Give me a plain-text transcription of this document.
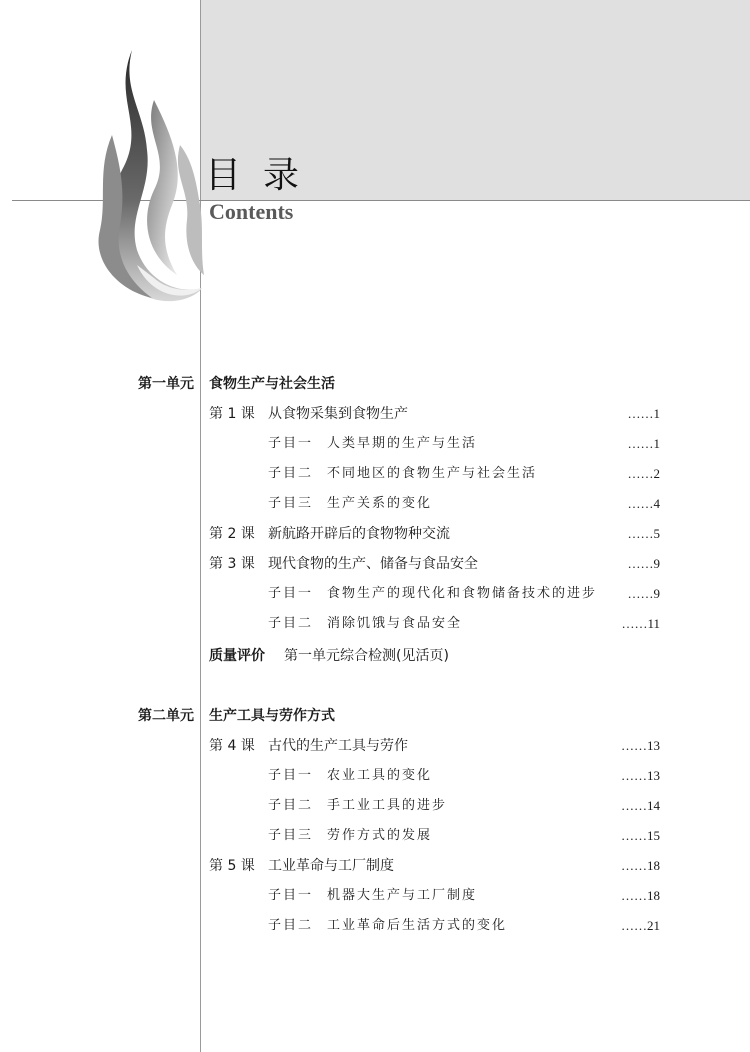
目录
Contents
第一单元 食物生产与社会生活
第 1 课 从食物采集到食物生产	……1
子目一 人类早期的生产与生活	……1
子目二 不同地区的食物生产与社会生活	……2
子目三 生产关系的变化	……4
第 2 课 新航路开辟后的食物物种交流	……5
第 3 课 现代食物的生产、储备与食品安全	……9
子目一 食物生产的现代化和食物储备技术的进步 ……9
子目二 消除饥饿与食品安全	……11
质量评价 第一单元综合检测(见活页)
第二单元 生产工具与劳作方式
第 4 课 古代的生产工具与劳作	……13
子目一 农业工具的变化	……13
子目二 手工业工具的进步	……14
子目三 劳作方式的发展	……15
第 5 课 工业革命与工厂制度	……18
子目一 机器大生产与工厂制度	……18
子目二 工业革命后生活方式的变化	……21
